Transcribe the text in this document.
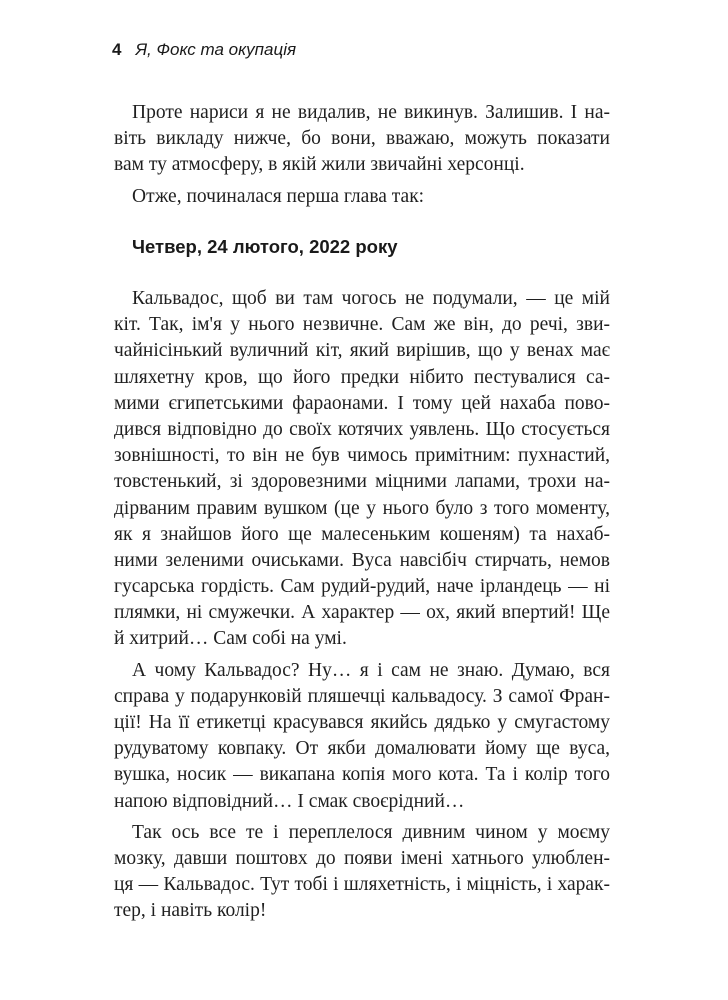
4 Я, Фокс та окупація
Проте нариси я не видалив, не викинув. Залишив. І на-
віть викладу нижче, бо вони, вважаю, можуть показати
вам ту атмосферу, в якій жили звичайні херсонці.
Отже, починалася перша глава так:
Четвер, 24 лютого, 2022 року
Кальвадос, щоб ви там чогось не подумали, — це мій
кіт. Так, ім'я у нього незвичне. Сам же він, до речі, зви-
чайнісінький вуличний кіт, який вирішив, що у венах має
шляхетну кров, що його предки нібито пестувалися са-
мими єгипетськими фараонами. І тому цей нахаба пово-
дився відповідно до своїх котячих уявлень. Що стосується
зовнішності, то він не був чимось примітним: пухнастий,
товстенький, зі здоровезними міцними лапами, трохи на-
дірваним правим вушком (це у нього було з того моменту,
як я знайшов його ще малесеньким кошеням) та нахаб-
ними зеленими очиськами. Вуса навсібіч стирчать, немов
гусарська гордість. Сам рудий-рудий, наче ірландець — ні
плямки, ні смужечки. А характер — ох, який впертий! Ще
й хитрий… Сам собі на умі.
А чому Кальвадос? Ну… я і сам не знаю. Думаю, вся
справа у подарунковій пляшечці кальвадосу. З самої Фран-
ції! На її етикетці красувався якийсь дядько у смугастому
рудуватому ковпаку. От якби домалювати йому ще вуса,
вушка, носик — викапана копія мого кота. Та і колір того
напою відповідний… І смак своєрідний…
Так ось все те і переплелося дивним чином у моєму
мозку, давши поштовх до появи імені хатнього улюблен-
ця — Кальвадос. Тут тобі і шляхетність, і міцність, і харак-
тер, і навіть колір!
